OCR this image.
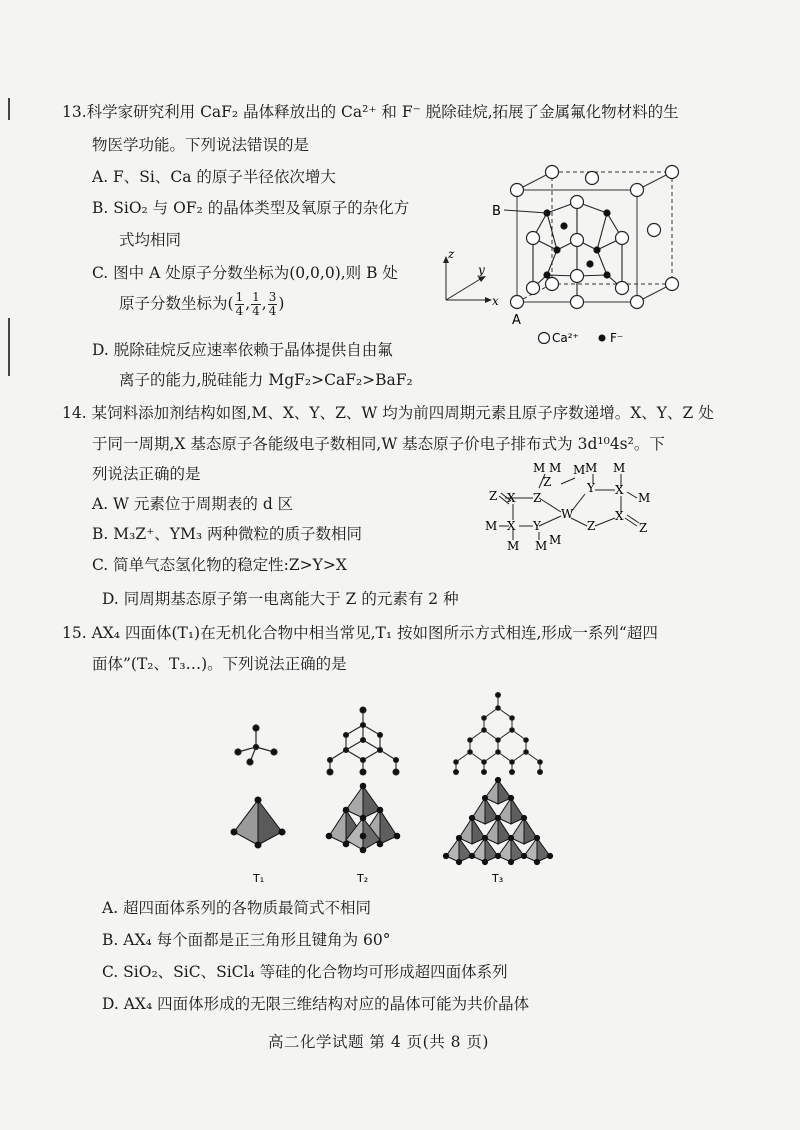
13.科学家研究利用 CaF₂ 晶体释放出的 Ca²⁺ 和 F⁻ 脱除硅烷,拓展了金属氟化物材料的生
物医学功能。下列说法错误的是
A. F、Si、Ca 的原子半径依次增大
B. SiO₂ 与 OF₂ 的晶体类型及氧原子的杂化方
式均相同
C. 图中 A 处原子分数坐标为(0,0,0),则 B 处
原子分数坐标为( $\frac{1}{4}$ , $\frac{1}{4}$ , $\frac{3}{4}$ )
D. 脱除硅烷反应速率依赖于晶体提供自由氟
离子的能力,脱硅能力 MgF₂>CaF₂>BaF₂
B
A
z
y
x
Ca²⁺	F⁻
14. 某饲料添加剂结构如图,M、X、Y、Z、W 均为前四周期元素且原子序数递增。X、Y、Z 处
于同一周期,X 基态原子各能级电子数相同,W 基态原子价电子排布式为 3d¹⁰4s²。下
列说法正确的是
A. W 元素位于周期表的 d 区
B. M₃Z⁺、YM₃ 两种微粒的质子数相同
C. 简单气态氢化物的稳定性:Z>Y>X
D. 同周期基态原子第一电离能大于 Z 的元素有 2 种
M M
Z
M M M
Y X
M
Z X Z
W
M X Y
M M M
Z
X
Z
15. AX₄ 四面体(T₁)在无机化合物中相当常见,T₁ 按如图所示方式相连,形成一系列“超四
面体”(T₂、T₃…)。下列说法正确的是
T₁	T₂	T₃
A. 超四面体系列的各物质最简式不相同
B. AX₄ 每个面都是正三角形且键角为 60°
C. SiO₂、SiC、SiCl₄ 等硅的化合物均可形成超四面体系列
D. AX₄ 四面体形成的无限三维结构对应的晶体可能为共价晶体
高二化学试题 第 4 页(共 8 页)
